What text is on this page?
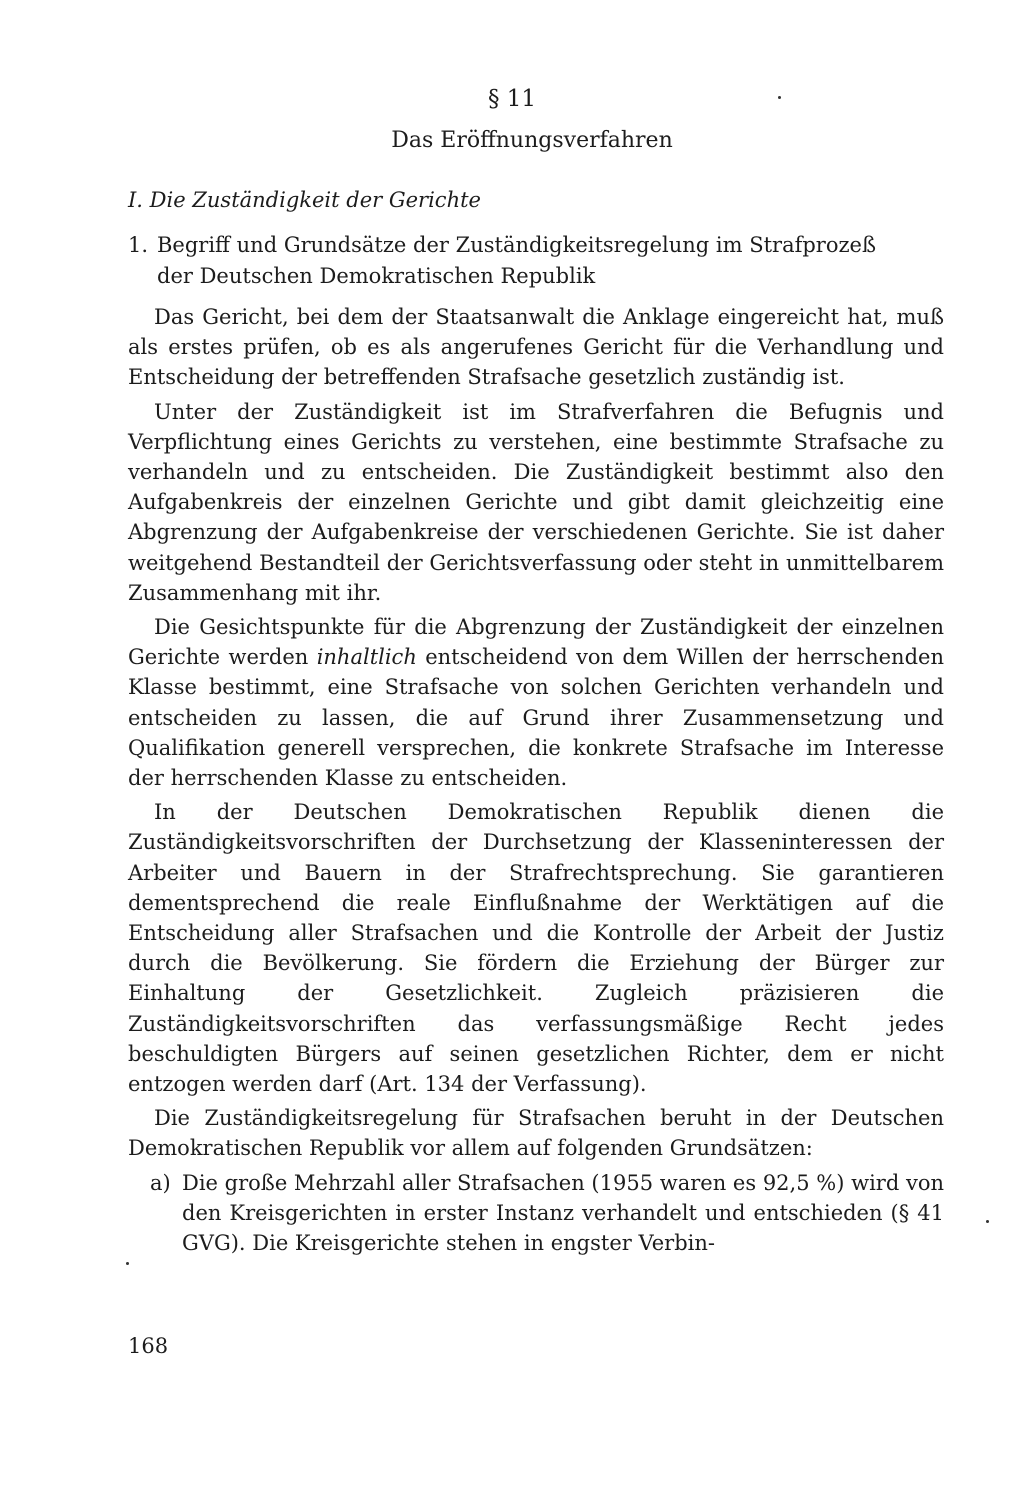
§ 11
Das Eröffnungsverfahren
I. Die Zuständigkeit der Gerichte
1. Begriff und Grundsätze der Zuständigkeitsregelung im Strafprozeß
der Deutschen Demokratischen Republik

Das Gericht, bei dem der Staatsanwalt die Anklage eingereicht hat, muß als erstes prüfen, ob es als angerufenes Gericht für die Verhandlung und Entscheidung der betreffenden Strafsache gesetzlich zuständig ist.

Unter der Zuständigkeit ist im Strafverfahren die Befugnis und Verpflichtung eines Gerichts zu verstehen, eine bestimmte Strafsache zu verhandeln und zu entscheiden. Die Zuständigkeit bestimmt also den Aufgabenkreis der einzelnen Gerichte und gibt damit gleichzeitig eine Abgrenzung der Aufgabenkreise der verschiedenen Gerichte. Sie ist daher weitgehend Bestandteil der Gerichtsverfassung oder steht in unmittelbarem Zusammenhang mit ihr.

Die Gesichtspunkte für die Abgrenzung der Zuständigkeit der einzelnen Gerichte werden inhaltlich entscheidend von dem Willen der herrschenden Klasse bestimmt, eine Strafsache von solchen Gerichten verhandeln und entscheiden zu lassen, die auf Grund ihrer Zusammensetzung und Qualifikation generell versprechen, die konkrete Strafsache im Interesse der herrschenden Klasse zu entscheiden.

In der Deutschen Demokratischen Republik dienen die Zuständigkeitsvorschriften der Durchsetzung der Klasseninteressen der Arbeiter und Bauern in der Strafrechtsprechung. Sie garantieren dementsprechend die reale Einflußnahme der Werktätigen auf die Entscheidung aller Strafsachen und die Kontrolle der Arbeit der Justiz durch die Bevölkerung. Sie fördern die Erziehung der Bürger zur Einhaltung der Gesetzlichkeit. Zugleich präzisieren die Zuständigkeitsvorschriften das verfassungsmäßige Recht jedes beschuldigten Bürgers auf seinen gesetzlichen Richter, dem er nicht entzogen werden darf (Art. 134 der Verfassung).

Die Zuständigkeitsregelung für Strafsachen beruht in der Deutschen Demokratischen Republik vor allem auf folgenden Grundsätzen:

a) Die große Mehrzahl aller Strafsachen (1955 waren es 92,5 %) wird von den Kreisgerichten in erster Instanz verhandelt und entschieden (§ 41 GVG). Die Kreisgerichte stehen in engster Verbin-

168
